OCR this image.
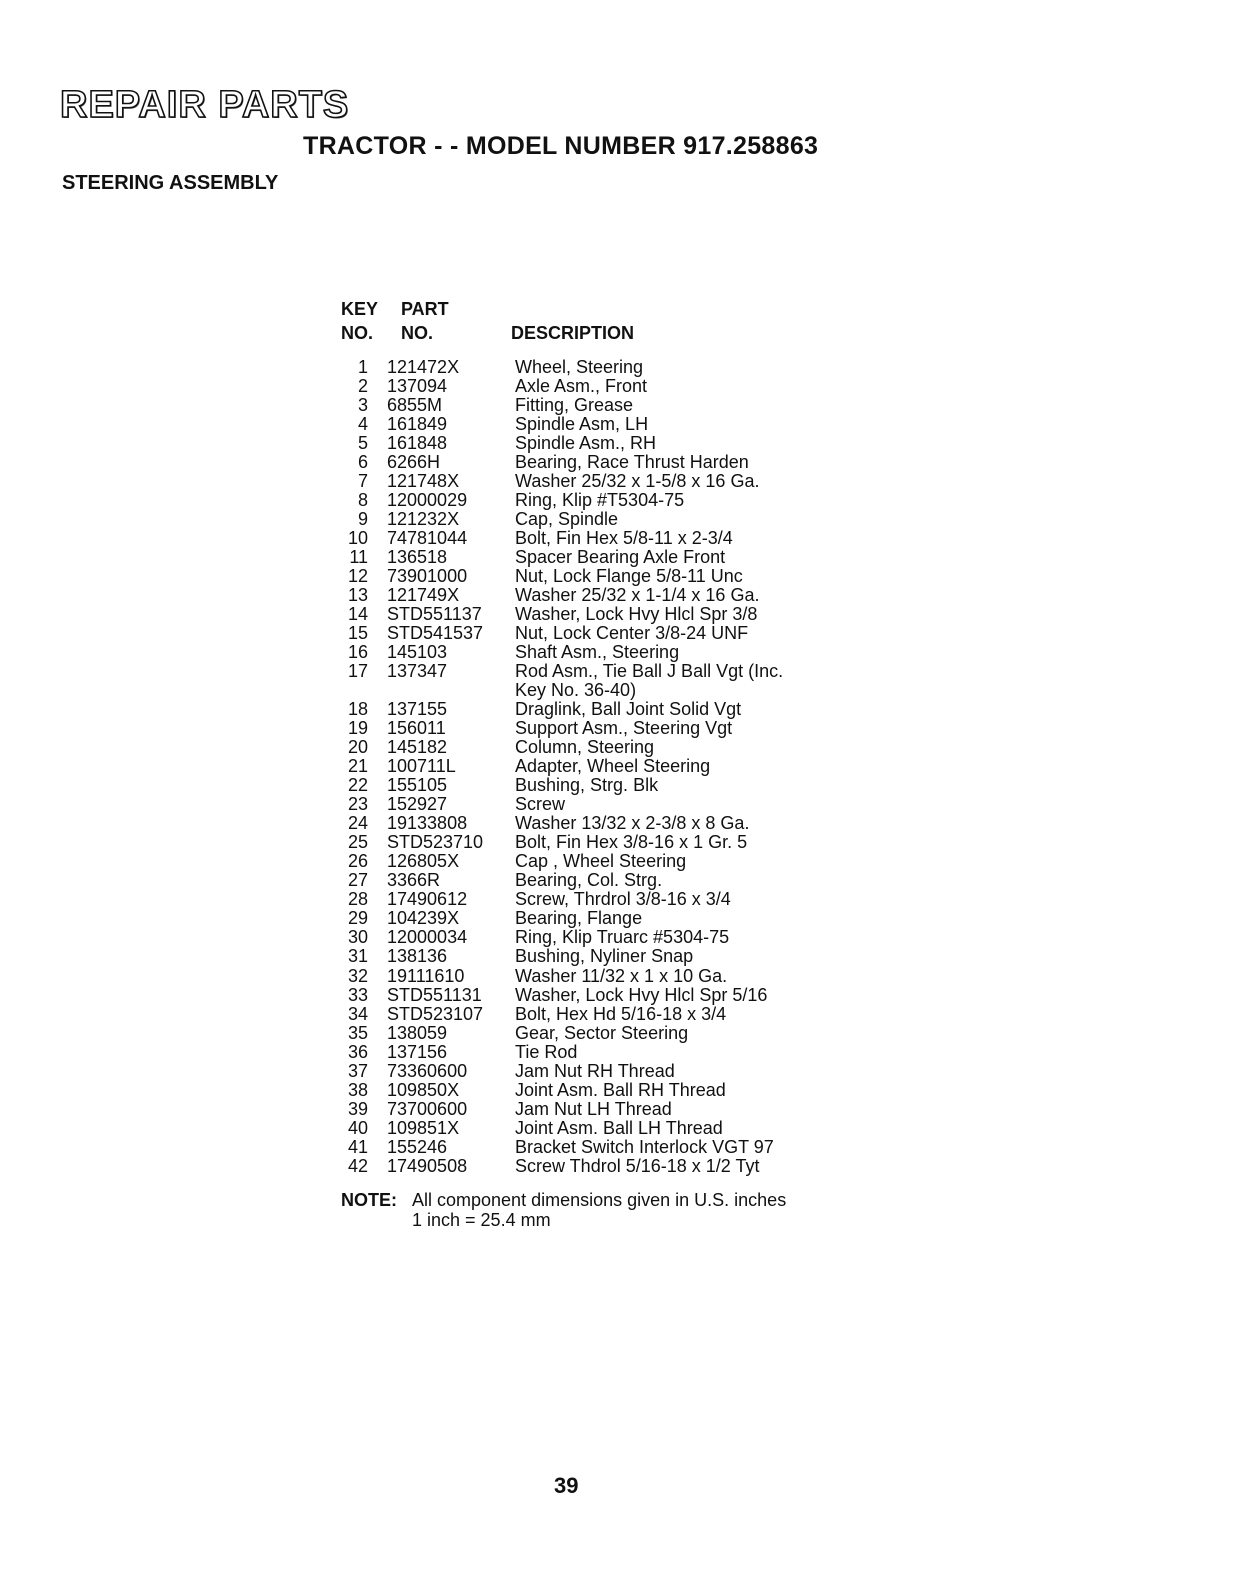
REPAIR PARTS
TRACTOR - - MODEL NUMBER 917.258863
STEERING ASSEMBLY
KEY
NO.
PART
NO.	DESCRIPTION
1 121472X	Wheel, Steering
2 137094	Axle Asm., Front
3 6855M	Fitting, Grease
4 161849	Spindle Asm, LH
5 161848	Spindle Asm., RH
6 6266H	Bearing, Race Thrust Harden
7 121748X	Washer 25/32 x 1-5/8 x 16 Ga.
8 12000029	Ring, Klip #T5304-75
9 121232X	Cap, Spindle
10 74781044	Bolt, Fin Hex 5/8-11 x 2-3/4
11 136518	Spacer Bearing Axle Front
12 73901000	Nut, Lock Flange 5/8-11 Unc
13 121749X	Washer 25/32 x 1-1/4 x 16 Ga.
14 STD551137 Washer, Lock Hvy Hlcl Spr 3/8
15 STD541537 Nut, Lock Center 3/8-24 UNF
16 145103	Shaft Asm., Steering
17 137347	Rod Asm., Tie Ball J Ball Vgt (Inc.
Key No. 36-40)
18 137155	Draglink, Ball Joint Solid Vgt
19 156011	Support Asm., Steering Vgt
20 145182	Column, Steering
21 100711L	Adapter, Wheel Steering
22 155105	Bushing, Strg. Blk
23 152927	Screw
24 19133808	Washer 13/32 x 2-3/8 x 8 Ga.
25 STD523710 Bolt, Fin Hex 3/8-16 x 1 Gr. 5
26 126805X	Cap , Wheel Steering
27 3366R	Bearing, Col. Strg.
28 17490612	Screw, Thrdrol 3/8-16 x 3/4
29 104239X	Bearing, Flange
30 12000034	Ring, Klip Truarc #5304-75
31 138136	Bushing, Nyliner Snap
32 19111610	Washer 11/32 x 1 x 10 Ga.
33 STD551131 Washer, Lock Hvy Hlcl Spr 5/16
34 STD523107 Bolt, Hex Hd 5/16-18 x 3/4
35 138059	Gear, Sector Steering
36 137156	Tie Rod
37 73360600	Jam Nut RH Thread
38 109850X	Joint Asm. Ball RH Thread
39 73700600	Jam Nut LH Thread
40 109851X	Joint Asm. Ball LH Thread
41 155246	Bracket Switch Interlock VGT 97
42 17490508	Screw Thdrol 5/16-18 x 1/2 Tyt
NOTE: All component dimensions given in U.S. inches
1 inch = 25.4 mm
39
